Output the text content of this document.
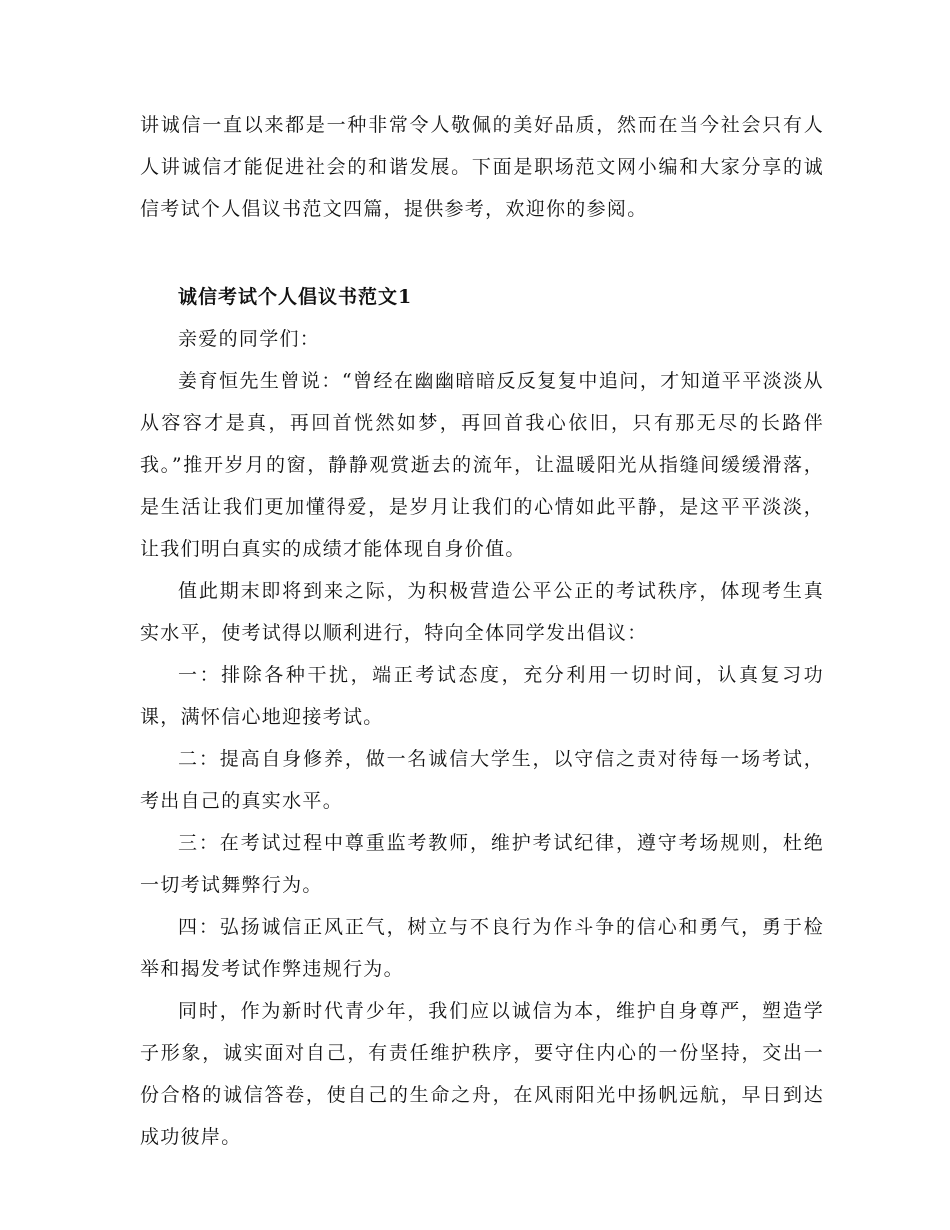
讲诚信一直以来都是一种非常令人敬佩的美好品质，然而在当今社会只有人人讲诚信才能促进社会的和谐发展。下面是职场范文网小编和大家分享的诚信考试个人倡议书范文四篇，提供参考，欢迎你的参阅。

诚信考试个人倡议书范文1

亲爱的同学们：

姜育恒先生曾说：“曾经在幽幽暗暗反反复复中追问，才知道平平淡淡从从容容才是真，再回首恍然如梦，再回首我心依旧，只有那无尽的长路伴我。”推开岁月的窗，静静观赏逝去的流年，让温暖阳光从指缝间缓缓滑落，是生活让我们更加懂得爱，是岁月让我们的心情如此平静，是这平平淡淡，让我们明白真实的成绩才能体现自身价值。

值此期末即将到来之际，为积极营造公平公正的考试秩序，体现考生真实水平，使考试得以顺利进行，特向全体同学发出倡议：

一：排除各种干扰，端正考试态度，充分利用一切时间，认真复习功课，满怀信心地迎接考试。

二：提高自身修养，做一名诚信大学生，以守信之责对待每一场考试，考出自己的真实水平。

三：在考试过程中尊重监考教师，维护考试纪律，遵守考场规则，杜绝一切考试舞弊行为。

四：弘扬诚信正风正气，树立与不良行为作斗争的信心和勇气，勇于检举和揭发考试作弊违规行为。

同时，作为新时代青少年，我们应以诚信为本，维护自身尊严，塑造学子形象，诚实面对自己，有责任维护秩序，要守住内心的一份坚持，交出一份合格的诚信答卷，使自己的生命之舟，在风雨阳光中扬帆远航，早日到达成功彼岸。
